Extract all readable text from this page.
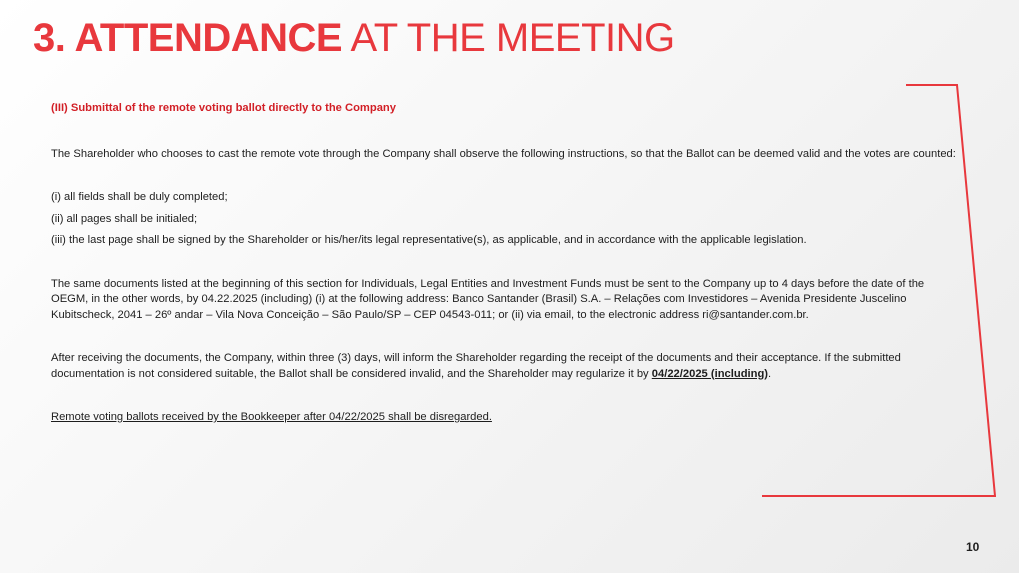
3. ATTENDANCE AT THE MEETING

(III) Submittal of the remote voting ballot directly to the Company

The Shareholder who chooses to cast the remote vote through the Company shall observe the following instructions, so that the Ballot can be deemed valid and the votes are counted:

(i) all fields shall be duly completed;

(ii) all pages shall be initialed;

(iii) the last page shall be signed by the Shareholder or his/her/its legal representative(s), as applicable, and in accordance with the applicable legislation.

The same documents listed at the beginning of this section for Individuals, Legal Entities and Investment Funds must be sent to the Company up to 4 days before the date of the OEGM, in the other words, by 04.22.2025 (including) (i) at the following address: Banco Santander (Brasil) S.A. – Relações com Investidores – Avenida Presidente Juscelino Kubitscheck, 2041 – 26º andar – Vila Nova Conceição – São Paulo/SP – CEP 04543-011; or (ii) via email, to the electronic address ri@santander.com.br.

After receiving the documents, the Company, within three (3) days, will inform the Shareholder regarding the receipt of the documents and their acceptance. If the submitted documentation is not considered suitable, the Ballot shall be considered invalid, and the Shareholder may regularize it by 04/22/2025 (including).

Remote voting ballots received by the Bookkeeper after 04/22/2025 shall be disregarded.

10
